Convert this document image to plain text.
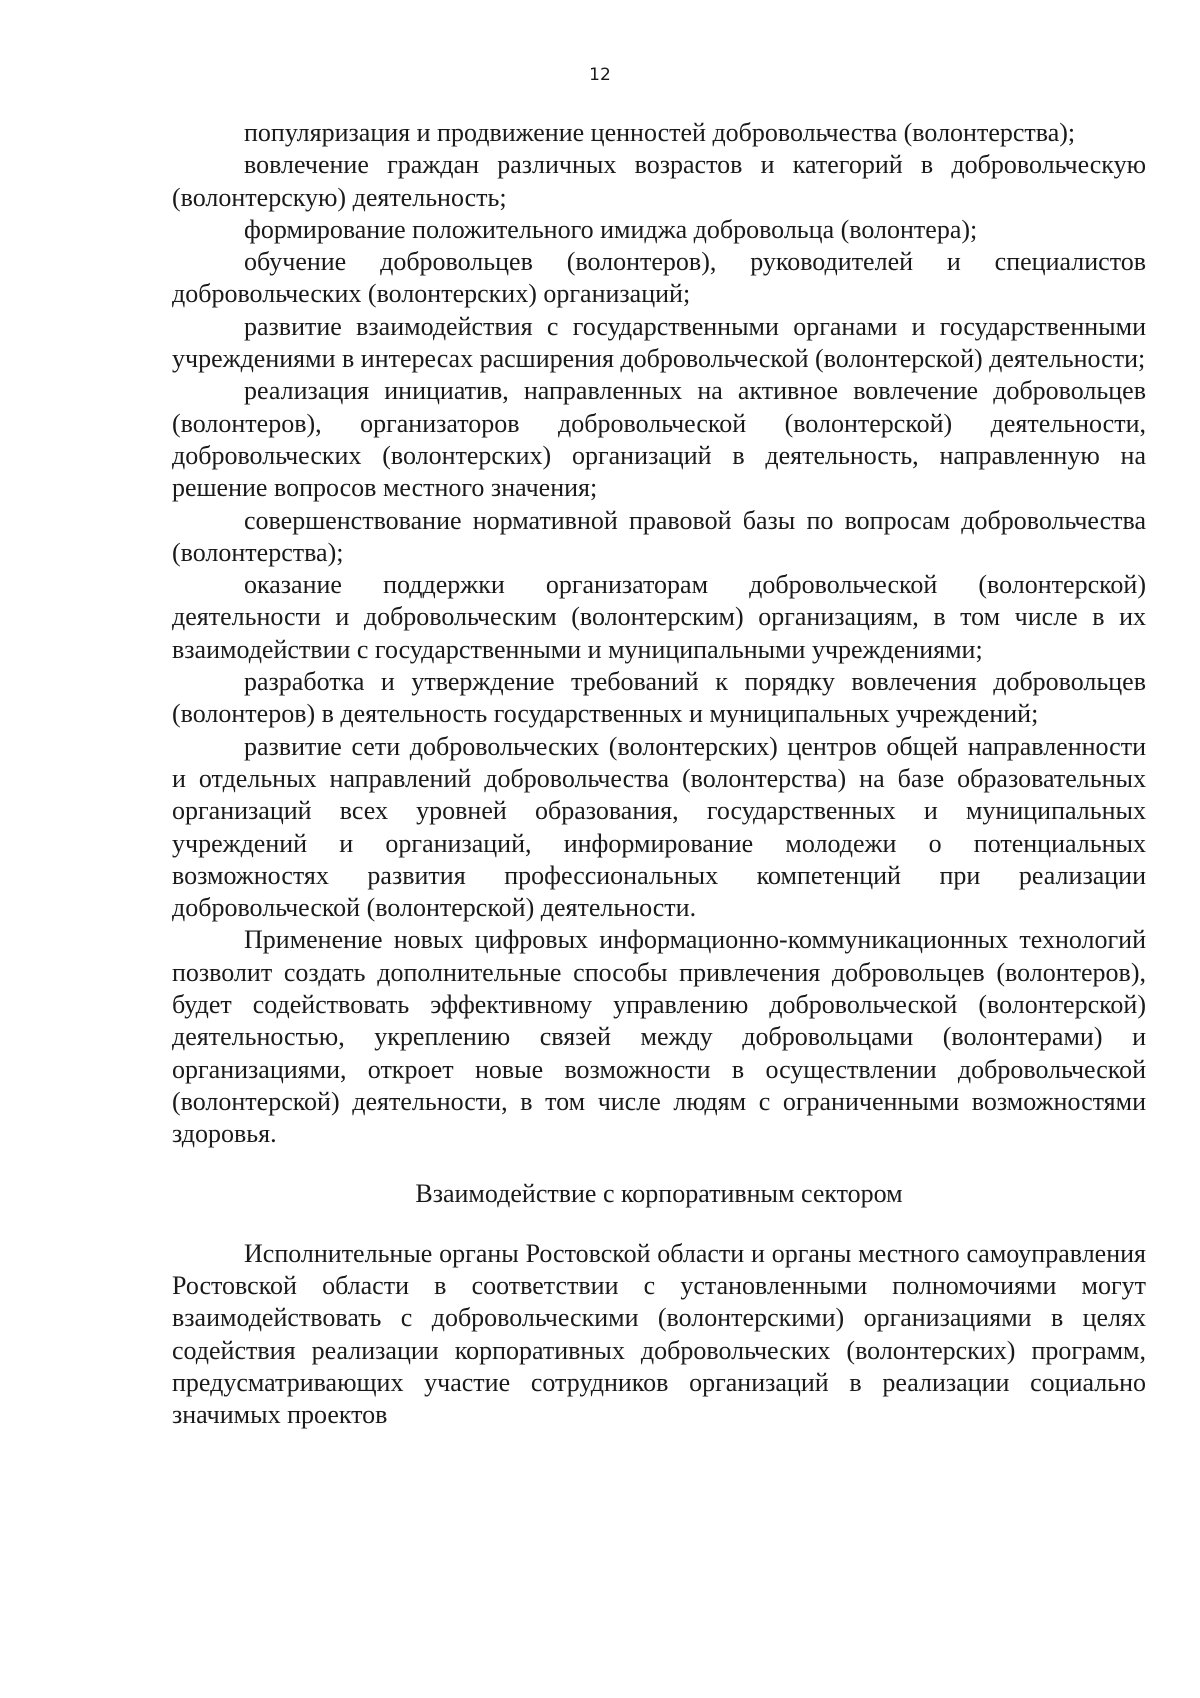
12

популяризация и продвижение ценностей добровольчества (волонтерства);

вовлечение граждан различных возрастов и категорий в добровольческую (волонтерскую) деятельность;

формирование положительного имиджа добровольца (волонтера);

обучение добровольцев (волонтеров), руководителей и специалистов добровольческих (волонтерских) организаций;

развитие взаимодействия с государственными органами и государственными учреждениями в интересах расширения добровольческой (волонтерской) деятельности;

реализация инициатив, направленных на активное вовлечение добровольцев (волонтеров), организаторов добровольческой (волонтерской) деятельности, добровольческих (волонтерских) организаций в деятельность, направленную на решение вопросов местного значения;

совершенствование нормативной правовой базы по вопросам добровольчества (волонтерства);

оказание поддержки организаторам добровольческой (волонтерской) деятельности и добровольческим (волонтерским) организациям, в том числе в их взаимодействии с государственными и муниципальными учреждениями;

разработка и утверждение требований к порядку вовлечения добровольцев (волонтеров) в деятельность государственных и муниципальных учреждений;

развитие сети добровольческих (волонтерских) центров общей направленности и отдельных направлений добровольчества (волонтерства) на базе образовательных организаций всех уровней образования, государственных и муниципальных учреждений и организаций, информирование молодежи о потенциальных возможностях развития профессиональных компетенций при реализации добровольческой (волонтерской) деятельности.

Применение новых цифровых информационно-коммуникационных технологий позволит создать дополнительные способы привлечения добровольцев (волонтеров), будет содействовать эффективному управлению добровольческой (волонтерской) деятельностью, укреплению связей между добровольцами (волонтерами) и организациями, откроет новые возможности в осуществлении добровольческой (волонтерской) деятельности, в том числе людям с ограниченными возможностями здоровья.

Взаимодействие с корпоративным сектором

Исполнительные органы Ростовской области и органы местного самоуправления Ростовской области в соответствии с установленными полномочиями могут взаимодействовать с добровольческими (волонтерскими) организациями в целях содействия реализации корпоративных добровольческих (волонтерских) программ, предусматривающих участие сотрудников организаций в реализации социально значимых проектов
